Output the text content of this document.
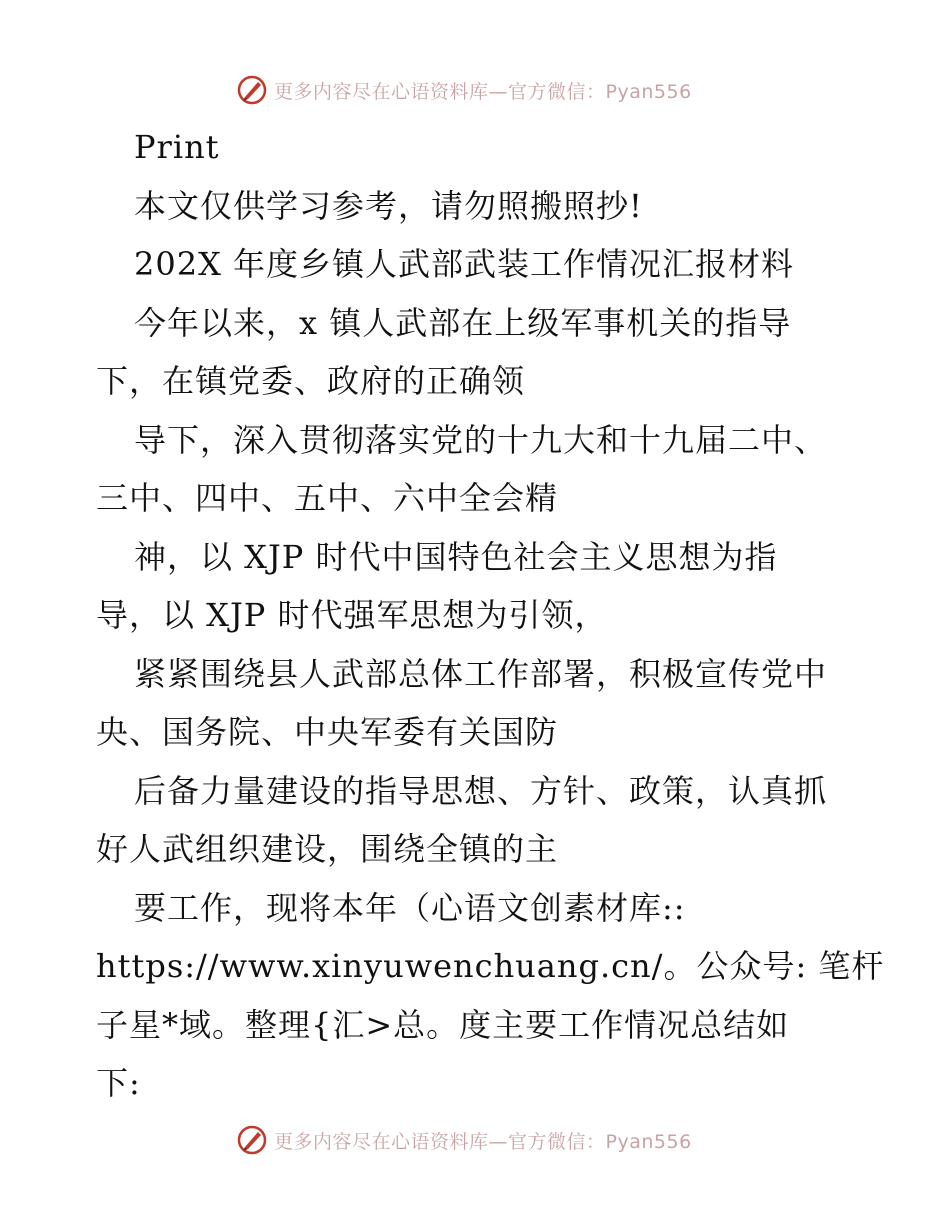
更多内容尽在心语资料库—官方微信：Pyan556
Print
本文仅供学习参考，请勿照搬照抄!
202X 年度乡镇人武部武装工作情况汇报材料
今年以来，x 镇人武部在上级军事机关的指导
下，在镇党委、政府的正确领
导下，深入贯彻落实党的十九大和十九届二中、
三中、四中、五中、六中全会精
神，以 XJP 时代中国特色社会主义思想为指
导，以 XJP 时代强军思想为引领，
紧紧围绕县人武部总体工作部署，积极宣传党中
央、国务院、中央军委有关国防
后备力量建设的指导思想、方针、政策，认真抓
好人武组织建设，围绕全镇的主
要工作，现将本年（心语文创素材库::
https://www.xinyuwenchuang.cn/。公众号: 笔杆
子星*域。整理{汇>总。度主要工作情况总结如
下:
更多内容尽在心语资料库—官方微信：Pyan556
